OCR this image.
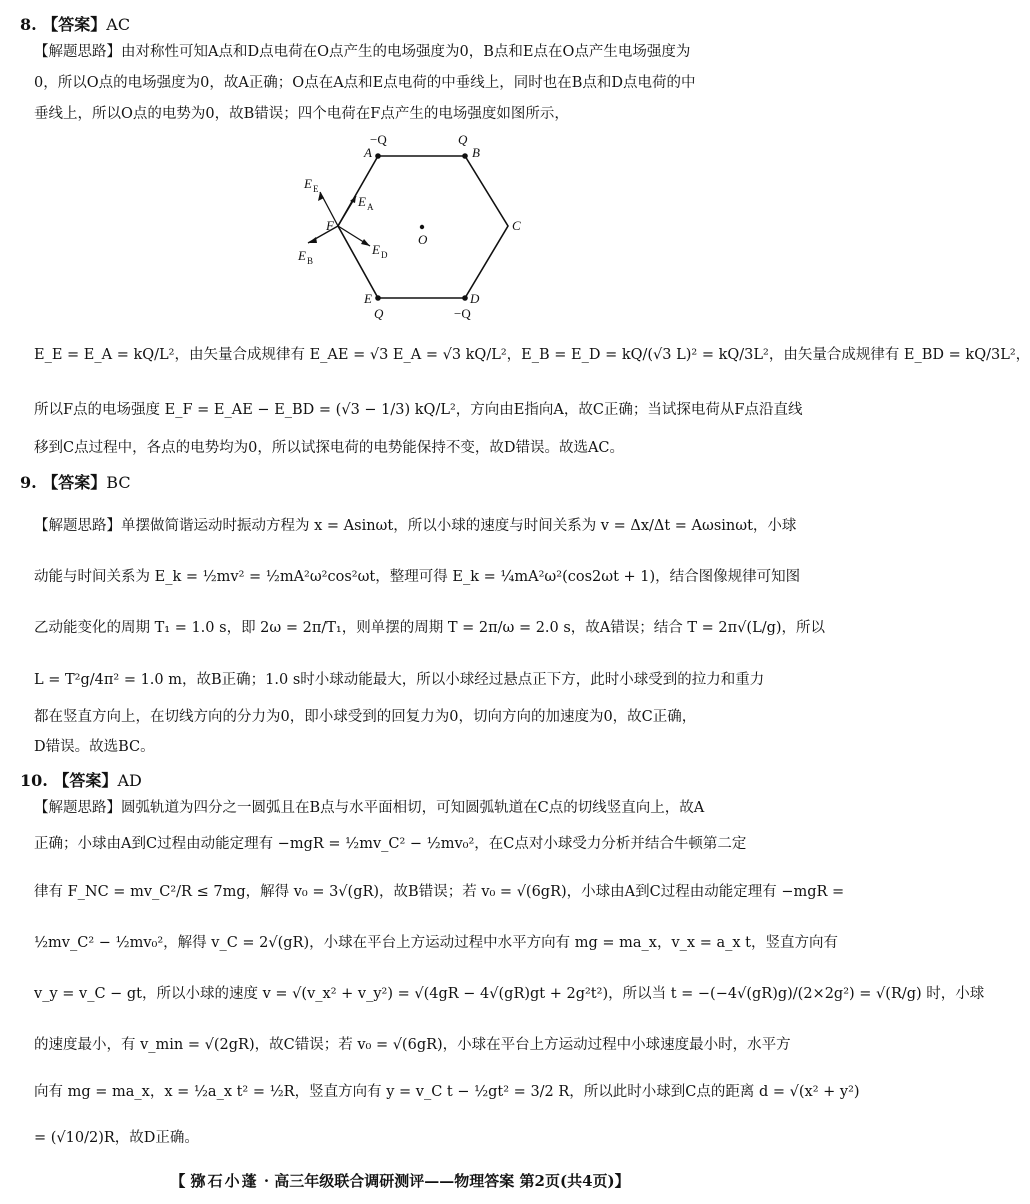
8. 【答案】AC
【解题思路】由对称性可知A点和D点电荷在O点产生的电场强度为0，B点和E点在O点产生电场强度为
0，所以O点的电场强度为0，故A正确；O点在A点和E点电荷的中垂线上，同时也在B点和D点电荷的中
垂线上，所以O点的电势为0，故B错误；四个电荷在F点产生的电场强度如图所示，
A
−Q
B
Q
C
D
−Q
E
Q
F
O
E E
E A
E B
E D
E_E = E_A = kQ/L²，由矢量合成规律有 E_AE = √3 E_A = √3 kQ/L²，E_B = E_D = kQ/(√3 L)² = kQ/3L²，由矢量合成规律有 E_BD = kQ/3L²，
所以F点的电场强度 E_F = E_AE − E_BD = (√3 − 1/3) kQ/L²，方向由E指向A，故C正确；当试探电荷从F点沿直线
移到C点过程中，各点的电势均为0，所以试探电荷的电势能保持不变，故D错误。故选AC。
9. 【答案】BC
【解题思路】单摆做简谐运动时振动方程为 x = Asinωt，所以小球的速度与时间关系为 v = Δx/Δt = Aωsinωt，小球
动能与时间关系为 E_k = ½mv² = ½mA²ω²cos²ωt，整理可得 E_k = ¼mA²ω²(cos2ωt + 1)，结合图像规律可知图
乙动能变化的周期 T₁ = 1.0 s，即 2ω = 2π/T₁，则单摆的周期 T = 2π/ω = 2.0 s，故A错误；结合 T = 2π√(L/g)，所以
L = T²g/4π² = 1.0 m，故B正确；1.0 s时小球动能最大，所以小球经过悬点正下方，此时小球受到的拉力和重力
都在竖直方向上，在切线方向的分力为0，即小球受到的回复力为0，切向方向的加速度为0，故C正确，
D错误。故选BC。
10. 【答案】AD
【解题思路】圆弧轨道为四分之一圆弧且在B点与水平面相切，可知圆弧轨道在C点的切线竖直向上，故A
正确；小球由A到C过程由动能定理有 −mgR = ½mv_C² − ½mv₀²，在C点对小球受力分析并结合牛顿第二定
律有 F_NC = mv_C²/R ≤ 7mg，解得 v₀ = 3√(gR)，故B错误；若 v₀ = √(6gR)，小球由A到C过程由动能定理有 −mgR =
½mv_C² − ½mv₀²，解得 v_C = 2√(gR)，小球在平台上方运动过程中水平方向有 mg = ma_x，v_x = a_x t，竖直方向有
v_y = v_C − gt，所以小球的速度 v = √(v_x² + v_y²) = √(4gR − 4√(gR)gt + 2g²t²)，所以当 t = −(−4√(gR)g)/(2×2g²) = √(R/g) 时，小球
的速度最小，有 v_min = √(2gR)，故C错误；若 v₀ = √(6gR)，小球在平台上方运动过程中小球速度最小时，水平方
向有 mg = ma_x，x = ½a_x t² = ½R，竖直方向有 y = v_C t − ½gt² = 3/2 R，所以此时小球到C点的距离 d = √(x² + y²)
= (√10/2)R，故D正确。
【 猕石小蓬 · 高三年级联合调研测评——物理答案 第2页(共4页)】
